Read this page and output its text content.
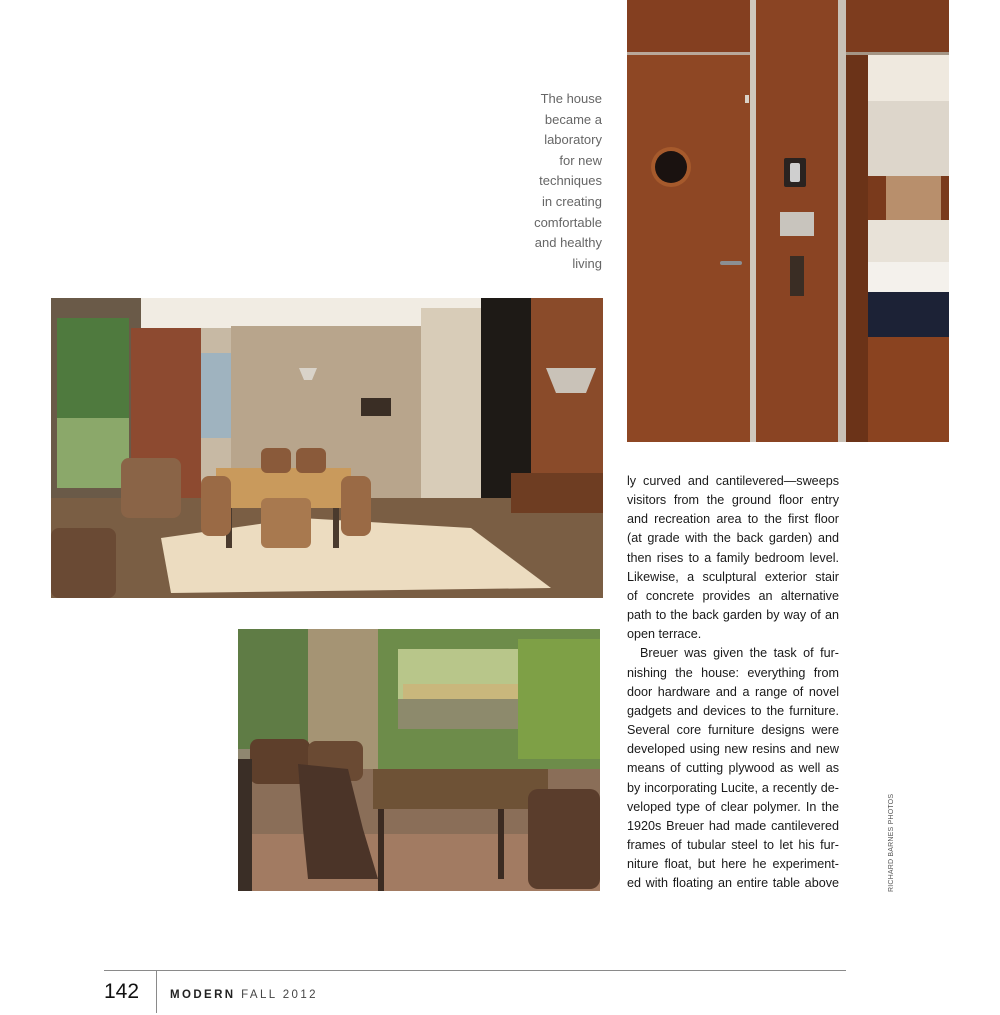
The house
became a
laboratory
for new
techniques
in creating
comfortable
and healthy
living
ly curved and cantilevered—sweeps
visitors from the ground floor entry
and recreation area to the first floor
(at grade with the back garden) and
then rises to a family bedroom level.
Likewise, a sculptural exterior stair
of concrete provides an alternative
path to the back garden by way of an
open terrace.
Breuer was given the task of fur-
nishing the house: everything from
door hardware and a range of novel
gadgets and devices to the furniture.
Several core furniture designs were
developed using new resins and new
means of cutting plywood as well as
by incorporating Lucite, a recently de-
veloped type of clear polymer. In the
1920s Breuer had made cantilevered
frames of tubular steel to let his fur-
niture float, but here he experiment-
ed with floating an entire table above	RICHARD BARNES PHOTOS
142	MODERN FALL 2012
